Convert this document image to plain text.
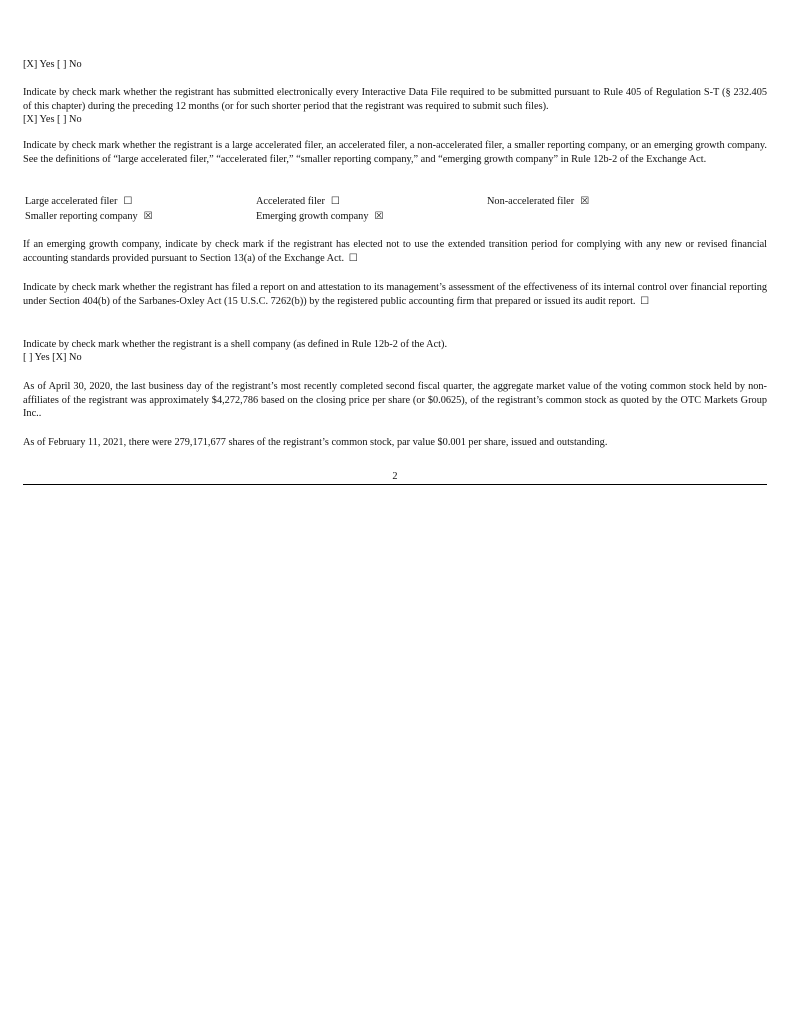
[X] Yes [ ] No

Indicate by check mark whether the registrant has submitted electronically every Interactive Data File required to be submitted pursuant to Rule 405 of Regulation S-T (§ 232.405 of this chapter) during the preceding 12 months (or for such shorter period that the registrant was required to submit such files).

[X] Yes [ ] No

Indicate by check mark whether the registrant is a large accelerated filer, an accelerated filer, a non-accelerated filer, a smaller reporting company, or an emerging growth company. See the definitions of “large accelerated filer,” “accelerated filer,” “smaller reporting company,” and “emerging growth company” in Rule 12b-2 of the Exchange Act.

Large accelerated filer ☐	Accelerated filer ☐	Non-accelerated filer ☒
Smaller reporting company ☒	Emerging growth company ☒

If an emerging growth company, indicate by check mark if the registrant has elected not to use the extended transition period for complying with any new or revised financial accounting standards provided pursuant to Section 13(a) of the Exchange Act. ☐

Indicate by check mark whether the registrant has filed a report on and attestation to its management’s assessment of the effectiveness of its internal control over financial reporting under Section 404(b) of the Sarbanes-Oxley Act (15 U.S.C. 7262(b)) by the registered public accounting firm that prepared or issued its audit report. ☐

Indicate by check mark whether the registrant is a shell company (as defined in Rule 12b-2 of the Act).

[ ] Yes [X] No

As of April 30, 2020, the last business day of the registrant’s most recently completed second fiscal quarter, the aggregate market value of the voting common stock held by non-affiliates of the registrant was approximately $4,272,786 based on the closing price per share (or $0.0625), of the registrant’s common stock as quoted by the OTC Markets Group Inc..

As of February 11, 2021, there were 279,171,677 shares of the registrant’s common stock, par value $0.001 per share, issued and outstanding.

2
